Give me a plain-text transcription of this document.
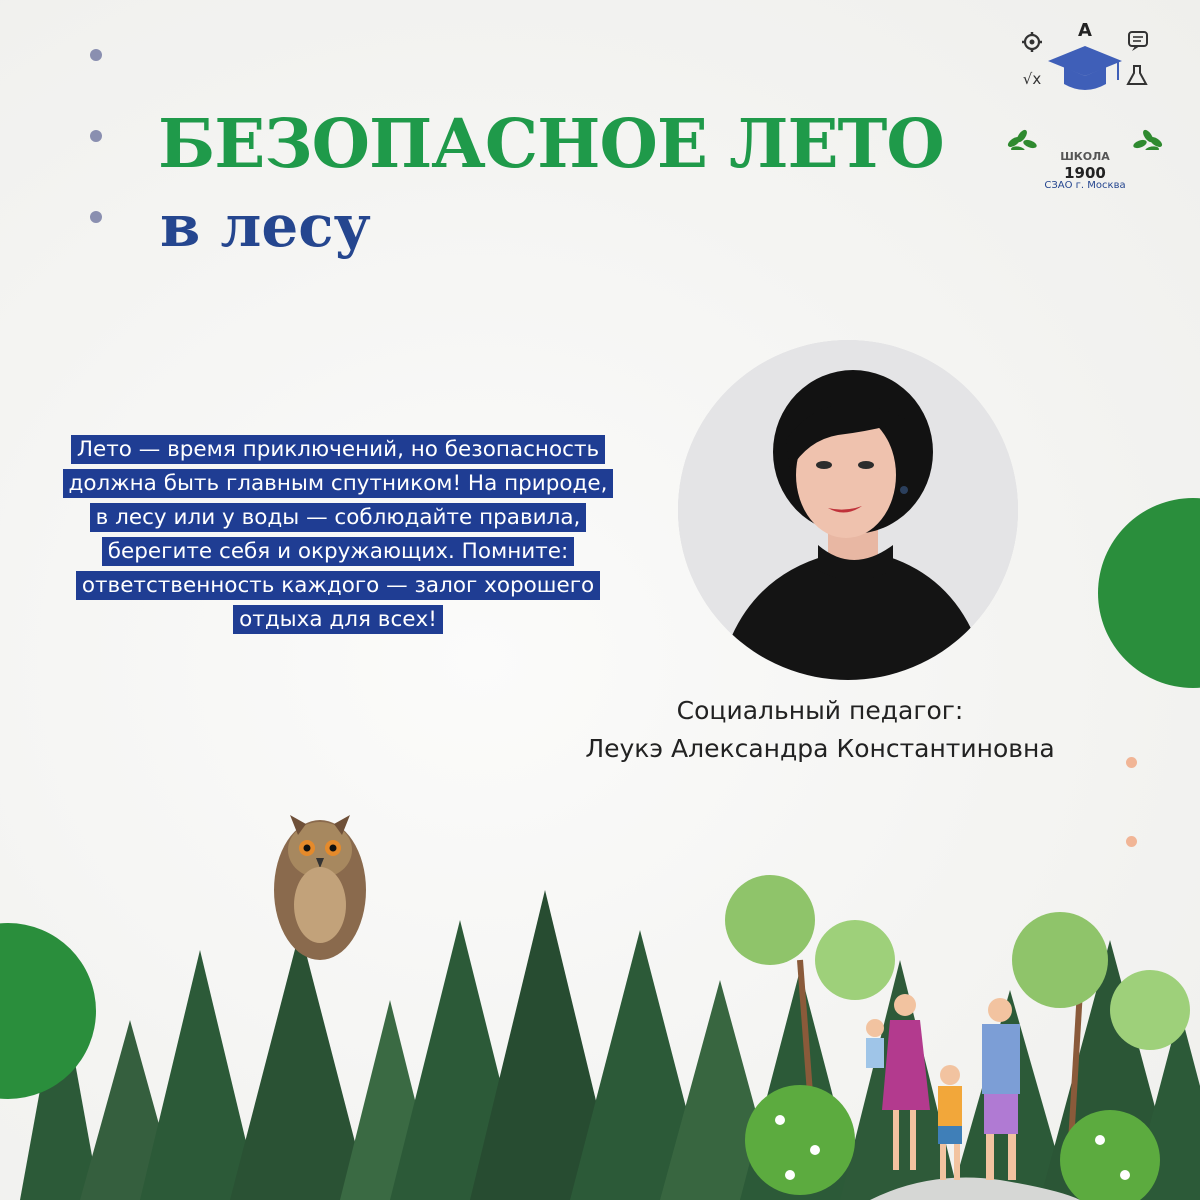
БЕЗОПАСНОЕ ЛЕТО
в лесу
А
√x
ШКОЛА
1900
СЗАО г. Москва
Лето — время приключений, но безопасность
должна быть главным спутником! На природе,
в лесу или у воды — соблюдайте правила,
берегите себя и окружающих. Помните:
ответственность каждого — залог хорошего
отдыха для всех!
Социальный педагог:
Леукэ Александра Константиновна
